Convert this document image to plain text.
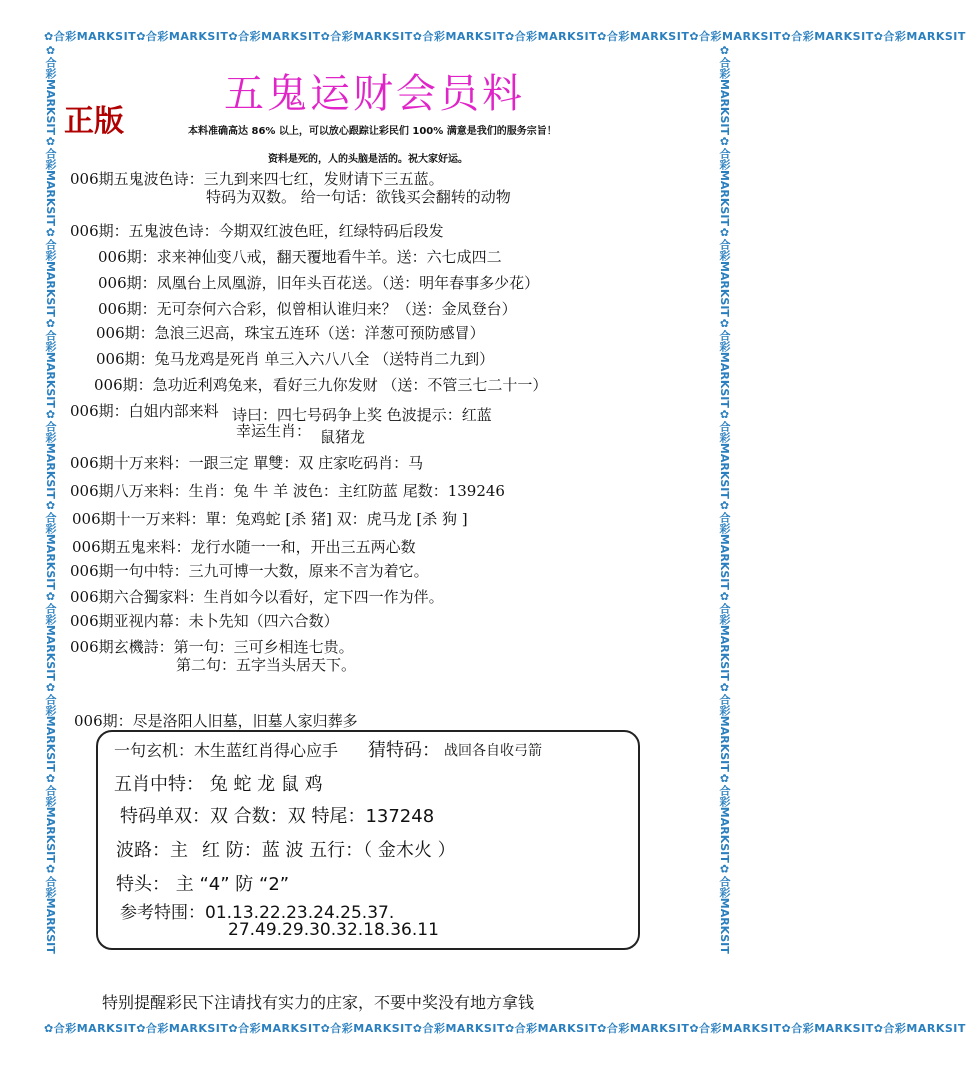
✿合彩MARKSIT✿合彩MARKSIT✿合彩MARKSIT✿合彩MARKSIT✿合彩MARKSIT✿合彩MARKSIT✿合彩MARKSIT✿合彩MARKSIT✿合彩MARKSIT✿合彩MARKSIT
✿合彩MARKSIT✿合彩MARKSIT✿合彩MARKSIT✿合彩MARKSIT✿合彩MARKSIT✿合彩MARKSIT✿合彩MARKSIT✿合彩MARKSIT✿合彩MARKSIT✿合彩MARKSIT
✿合彩MARKSIT✿合彩MARKSIT✿合彩MARKSIT✿合彩MARKSIT✿合彩MARKSIT✿合彩MARKSIT✿合彩MARKSIT✿合彩MARKSIT✿合彩MARKSIT✿合彩MARKSIT	✿合彩MARKSIT✿合彩MARKSIT✿合彩MARKSIT✿合彩MARKSIT✿合彩MARKSIT✿合彩MARKSIT✿合彩MARKSIT✿合彩MARKSIT✿合彩MARKSIT✿合彩MARKSIT
五鬼运财会员料
正版	本料准确高达 86% 以上，可以放心跟踪让彩民们 100% 满意是我们的服务宗旨！
资料是死的，人的头脑是活的。祝大家好运。
006期五鬼波色诗：三九到来四七红，发财请下三五蓝。
特码为双数。 给一句话：欲钱买会翻转的动物
006期：五鬼波色诗：今期双红波色旺，红绿特码后段发
006期：求来神仙变八戒，翻天覆地看牛羊。送：六七成四二
006期：凤凰台上凤凰游，旧年头百花送。（送：明年春事多少花）
006期：无可奈何六合彩，似曾相认谁归来？（送：金凤登台）
006期：急浪三迟高，珠宝五连环（送：洋葱可预防感冒）
006期：兔马龙鸡是死肖 单三入六八八全 （送特肖二九到）
006期：急功近利鸡兔来，看好三九你发财 （送：不管三七二十一）
006期：白姐内部来料 诗曰：四七号码争上奖 色波提示：红蓝
幸运生肖： 鼠猪龙
006期十万来料：一跟三定 單雙：双 庄家吃码肖：马
006期八万来料：生肖：兔 牛 羊 波色：主红防蓝 尾数：139246
006期十一万来料：單：兔鸡蛇 [杀 猪] 双：虎马龙 [杀 狗 ]
006期五鬼来料：龙行水随一一和，开出三五两心数
006期一句中特：三九可博一大数，原来不言为着它。
006期六合獨家料：生肖如今以看好，定下四一作为伴。
006期亚视内幕：未卜先知（四六合数）
006期玄機詩：第一句：三可乡相连七贵。
第二句：五字当头居天下。
006期：尽是洛阳人旧墓，旧墓人家归葬多
一句玄机：木生蓝红肖得心应手 猜特码： 战回各自收弓箭
五肖中特： 兔 蛇 龙 鼠 鸡
特码单双：双 合数：双 特尾：137248
波路：主 红 防：蓝 波 五行：（ 金木火 ）
特头： 主 “4” 防 “2”
参考特围：01.13.22.23.24.25.37.
27.49.29.30.32.18.36.11
特别提醒彩民下注请找有实力的庄家，不要中奖没有地方拿钱
